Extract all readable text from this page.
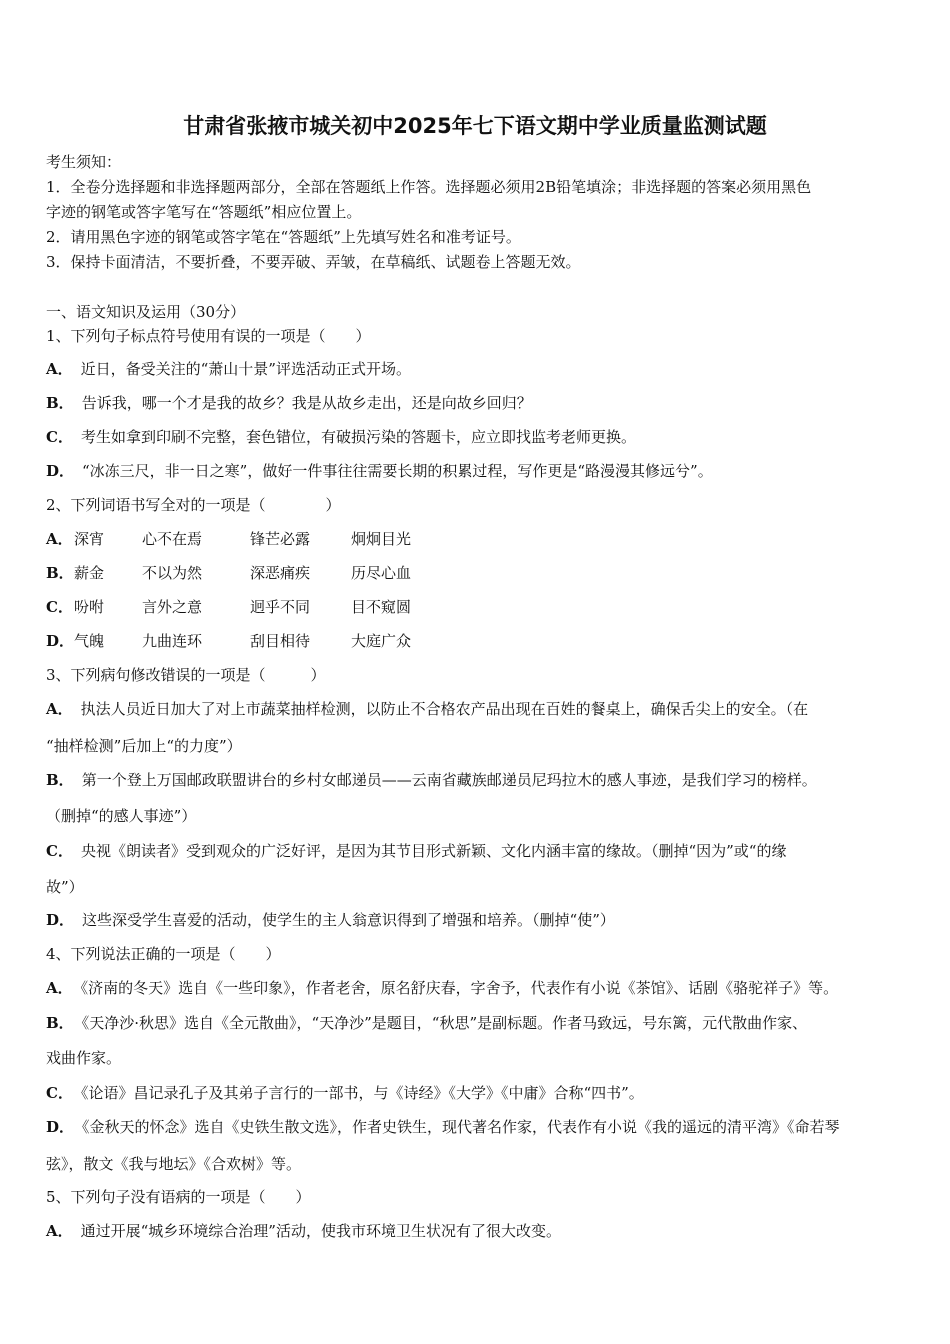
甘肃省张掖市城关初中2025年七下语文期中学业质量监测试题
考生须知：
1．全卷分选择题和非选择题两部分，全部在答题纸上作答。选择题必须用2B铅笔填涂；非选择题的答案必须用黑色
字迹的钢笔或答字笔写在“答题纸”相应位置上。
2．请用黑色字迹的钢笔或答字笔在“答题纸”上先填写姓名和准考证号。
3．保持卡面清洁，不要折叠，不要弄破、弄皱，在草稿纸、试题卷上答题无效。
一、语文知识及运用（30分）
1、下列句子标点符号使用有误的一项是（　　）
A． 近日，备受关注的“萧山十景”评选活动正式开场。
B． 告诉我，哪一个才是我的故乡？我是从故乡走出，还是向故乡回归？
C． 考生如拿到印刷不完整，套色错位，有破损污染的答题卡，应立即找监考老师更换。
D． “冰冻三尺，非一日之寒”，做好一件事往往需要长期的积累过程，写作更是“路漫漫其修远兮”。
2、下列词语书写全对的一项是（　　　　）
A． 深宵	心不在焉	锋芒必露	炯炯目光
B． 薪金	不以为然	深恶痛疾	历尽心血
C． 吩咐	言外之意	迥乎不同	目不窥圆
D． 气魄	九曲连环	刮目相待	大庭广众
3、下列病句修改错误的一项是（　　　）
A． 执法人员近日加大了对上市蔬菜抽样检测，以防止不合格农产品出现在百姓的餐桌上，确保舌尖上的安全。（在
“抽样检测”后加上“的力度”）
B． 第一个登上万国邮政联盟讲台的乡村女邮递员——云南省藏族邮递员尼玛拉木的感人事迹，是我们学习的榜样。
（删掉“的感人事迹”）
C． 央视《朗读者》受到观众的广泛好评，是因为其节目形式新颖、文化内涵丰富的缘故。（删掉“因为”或“的缘
故”）
D． 这些深受学生喜爱的活动，使学生的主人翁意识得到了增强和培养。（删掉“使”）
4、下列说法正确的一项是（　　）
A． 《济南的冬天》选自《一些印象》，作者老舍，原名舒庆春，字舍予，代表作有小说《茶馆》、话剧《骆驼祥子》等。
B． 《天净沙·秋思》选自《全元散曲》，“天净沙”是题目，“秋思”是副标题。作者马致远，号东篱，元代散曲作家、
戏曲作家。
C． 《论语》昌记录孔子及其弟子言行的一部书，与《诗经》《大学》《中庸》合称“四书”。
D． 《金秋天的怀念》选自《史铁生散文选》，作者史铁生，现代著名作家，代表作有小说《我的遥远的清平湾》《命若琴
弦》，散文《我与地坛》《合欢树》等。
5、下列句子没有语病的一项是（　　）
A． 通过开展“城乡环境综合治理”活动，使我市环境卫生状况有了很大改变。
